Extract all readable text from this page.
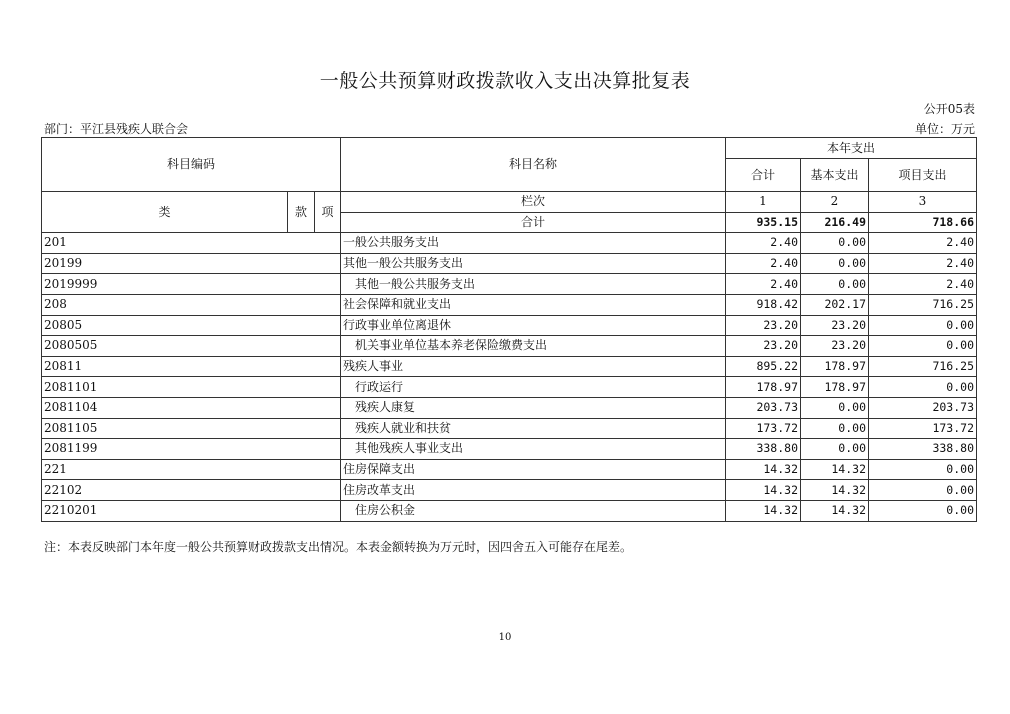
一般公共预算财政拨款收入支出决算批复表
公开05表
部门：平江县残疾人联合会	单位：万元
科目编码			科目名称	本年支出		
				合计	基本支出	项目支出
类	款	项	栏次	1	2	3
			合计	935.15	216.49	718.66
201			一般公共服务支出	2.40	0.00	2.40
20199			其他一般公共服务支出	2.40	0.00	2.40
2019999			其他一般公共服务支出	2.40	0.00	2.40
208			社会保障和就业支出	918.42	202.17	716.25
20805			行政事业单位离退休	23.20	23.20	0.00
2080505			机关事业单位基本养老保险缴费支出	23.20	23.20	0.00
20811			残疾人事业	895.22	178.97	716.25
2081101			行政运行	178.97	178.97	0.00
2081104			残疾人康复	203.73	0.00	203.73
2081105			残疾人就业和扶贫	173.72	0.00	173.72
2081199			其他残疾人事业支出	338.80	0.00	338.80
221			住房保障支出	14.32	14.32	0.00
22102			住房改革支出	14.32	14.32	0.00
2210201			住房公积金	14.32	14.32	0.00
注：本表反映部门本年度一般公共预算财政拨款支出情况。本表金额转换为万元时，因四舍五入可能存在尾差。
10
